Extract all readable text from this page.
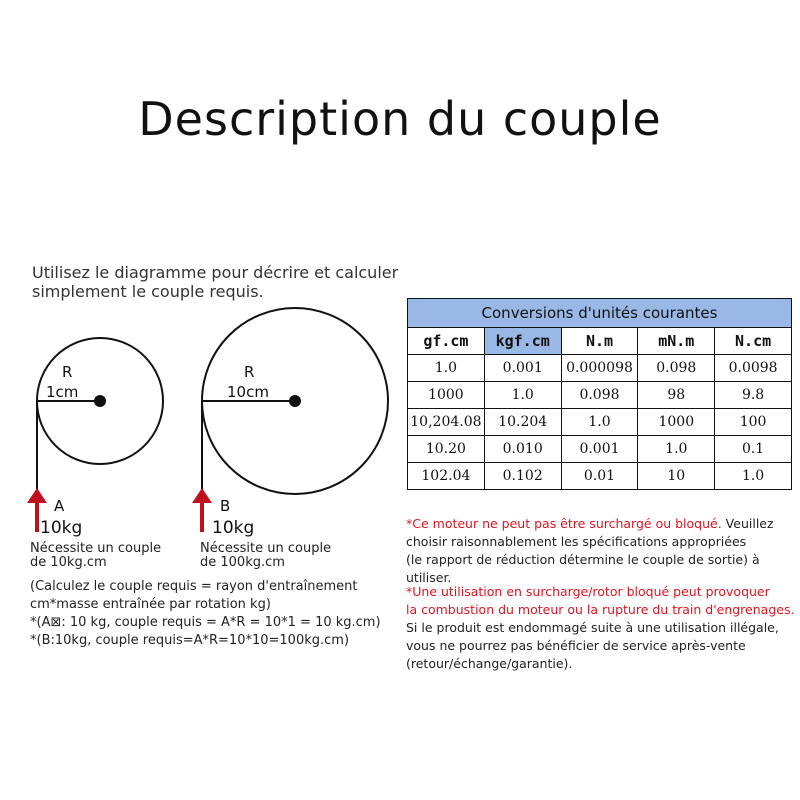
Description du couple
Utilisez le diagramme pour décrire et calculer simplement le couple requis.
R
1cm
A
10kg
R
10cm
B
10kg
Nécessite un couple
de 10kg.cm
Nécessite un couple
de 100kg.cm
(Calculez le couple requis = rayon d'entraînement
cm*masse entraînée par rotation kg)
*(A⊠: 10 kg, couple requis = A*R = 10*1 = 10 kg.cm)
*(B:10kg, couple requis=A*R=10*10=100kg.cm)
Conversions d'unités courantes				
gf.cm	kgf.cm	N.m	mN.m	N.cm
1.0	0.001	0.000098	0.098	0.0098
1000	1.0	0.098	98	9.8
10,204.08	10.204	1.0	1000	100
10.20	0.010	0.001	1.0	0.1
102.04	0.102	0.01	10	1.0
*Ce moteur ne peut pas être surchargé ou bloqué. Veuillez
choisir raisonnablement les spécifications appropriées
(le rapport de réduction détermine le couple de sortie) à utiliser.
*Une utilisation en surcharge/rotor bloqué peut provoquer
la combustion du moteur ou la rupture du train d'engrenages.
Si le produit est endommagé suite à une utilisation illégale,
vous ne pourrez pas bénéficier de service après-vente
(retour/échange/garantie).
